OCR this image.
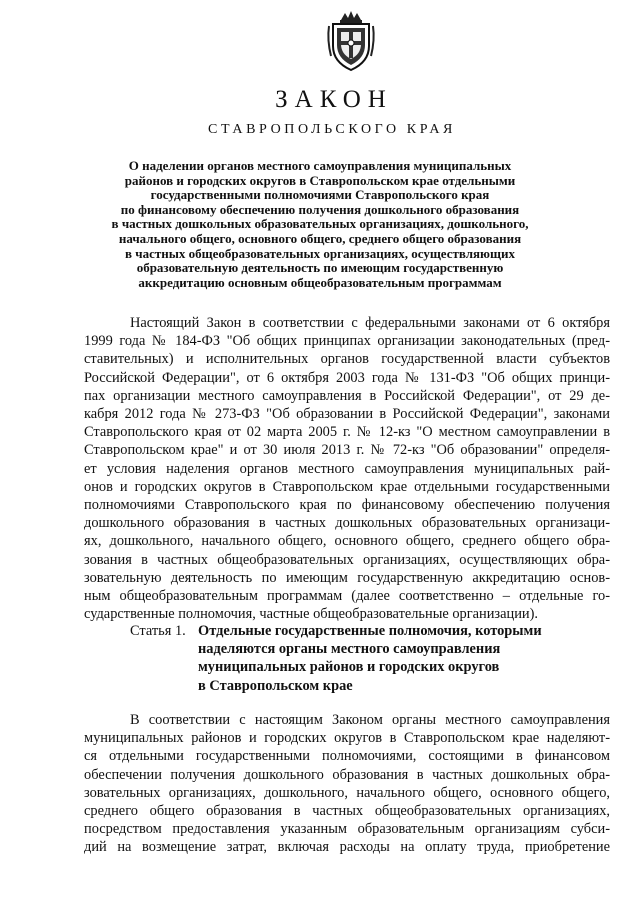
ЗАКОН
СТАВРОПОЛЬСКОГО КРАЯ
О наделении органов местного самоуправления муниципальных
районов и городских округов в Ставропольском крае отдельными
государственными полномочиями Ставропольского края
по финансовому обеспечению получения дошкольного образования
в частных дошкольных образовательных организациях, дошкольного,
начального общего, основного общего, среднего общего образования
в частных общеобразовательных организациях, осуществляющих
образовательную деятельность по имеющим государственную
аккредитацию основным общеобразовательным программам
Настоящий Закон в соответствии с федеральными законами от 6 октября
1999 года № 184-ФЗ "Об общих принципах организации законодательных (пред-
ставительных) и исполнительных органов государственной власти субъектов
Российской Федерации", от 6 октября 2003 года № 131-ФЗ "Об общих принци-
пах организации местного самоуправления в Российской Федерации", от 29 де-
кабря 2012 года № 273-ФЗ "Об образовании в Российской Федерации", законами
Ставропольского края от 02 марта 2005 г. № 12-кз "О местном самоуправлении в
Ставропольском крае" и от 30 июля 2013 г. № 72-кз "Об образовании" определя-
ет условия наделения органов местного самоуправления муниципальных рай-
онов и городских округов в Ставропольском крае отдельными государственными
полномочиями Ставропольского края по финансовому обеспечению получения
дошкольного образования в частных дошкольных образовательных организаци-
ях, дошкольного, начального общего, основного общего, среднего общего обра-
зования в частных общеобразовательных организациях, осуществляющих обра-
зовательную деятельность по имеющим государственную аккредитацию основ-
ным общеобразовательным программам (далее соответственно – отдельные го-
сударственные полномочия, частные общеобразовательные организации).
Статья 1. Отдельные государственные полномочия, которыми
наделяются органы местного самоуправления
муниципальных районов и городских округов
в Ставропольском крае
В соответствии с настоящим Законом органы местного самоуправления
муниципальных районов и городских округов в Ставропольском крае наделяют-
ся отдельными государственными полномочиями, состоящими в финансовом
обеспечении получения дошкольного образования в частных дошкольных обра-
зовательных организациях, дошкольного, начального общего, основного общего,
среднего общего образования в частных общеобразовательных организациях,
посредством предоставления указанным образовательным организациям субси-
дий на возмещение затрат, включая расходы на оплату труда, приобретение
